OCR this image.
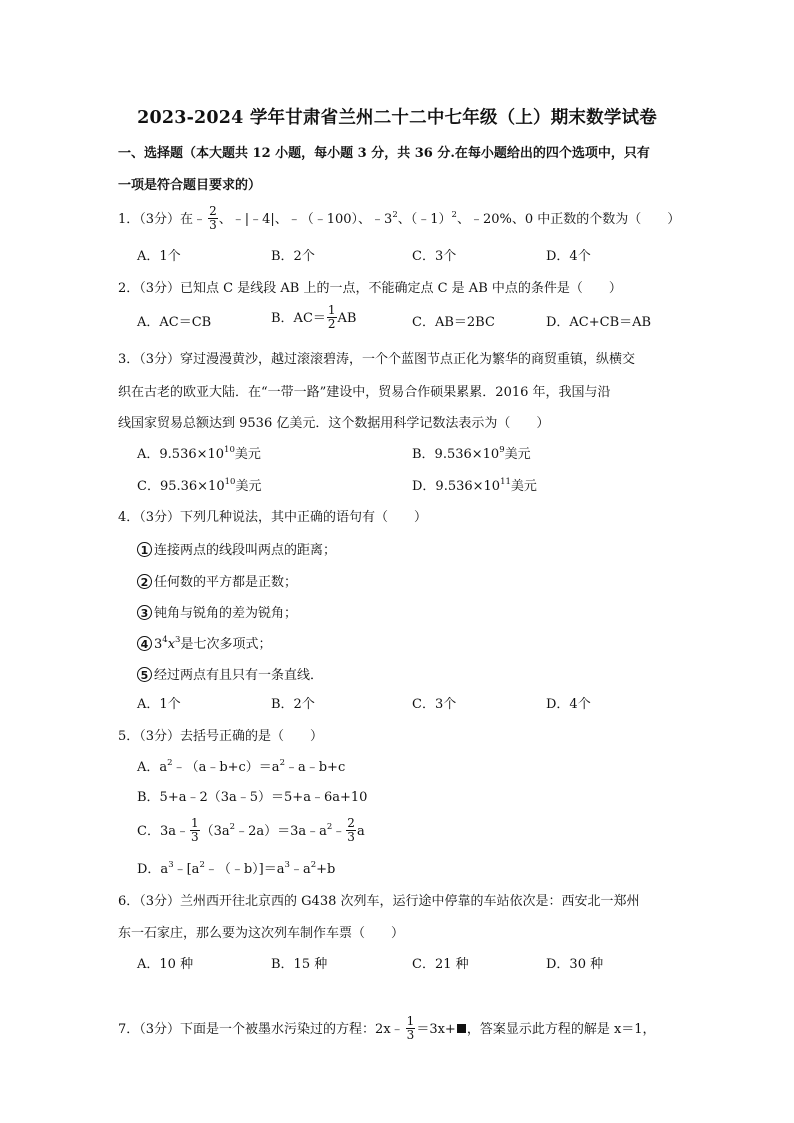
2023-2024 学年甘肃省兰州二十二中七年级（上）期末数学试卷
一、选择题（本大题共 12 小题，每小题 3 分，共 36 分.在每小题给出的四个选项中，只有
一项是符合题目要求的）
1．（3分）在﹣ $\frac{2}{3}$ 、﹣|﹣4|、﹣（﹣100）、$﹣3^2$、（﹣1）$^2$、﹣20%、0 中正数的个数为（　　）
A．1个	B．2个	C．3个	D．4个
2．（3分）已知点 C 是线段 AB 上的一点，不能确定点 C 是 AB 中点的条件是（　　）
A．AC＝CB	B．$AC= \frac{1}{2}$ AB	C．AB＝2BC	D．AC+CB＝AB
3．（3分）穿过漫漫黄沙，越过滚滚碧涛，一个个蓝图节点正化为繁华的商贸重镇，纵横交
织在古老的欧亚大陆．在“一带一路”建设中，贸易合作硕果累累．2016 年，我国与沿
线国家贸易总额达到 9536 亿美元．这个数据用科学记数法表示为（　　）
A．$9.536\times 10^{10}$美元	B．$9.536\times 10^9$美元
C．$95.36\times 10^{10}$美元	D．$9.536\times 10^{11}$美元
4．（3分）下列几种说法，其中正确的语句有（　　）
1 连接两点的线段叫两点的距离；
2 任何数的平方都是正数；
3 钝角与锐角的差为锐角；
4 $3^4x^3$是七次多项式；
5 经过两点有且只有一条直线．
A．1个	B．2个	C．3个	D．4个
5．（3分）去括号正确的是（　　）
A．$a^2﹣(a﹣b+c)=a^2﹣a﹣b+c$
B．5+a﹣2（3a﹣5）＝5+a﹣6a+10
C．3a﹣ $\frac{1}{3}$ $(3a^2﹣2a)=3a﹣a^2﹣ \frac{2}{3}$ a
D．$a^3﹣[a^2﹣(﹣b)]=a^3﹣a^2+b$
6．（3分）兰州西开往北京西的 G438 次列车，运行途中停靠的车站依次是：西安北一郑州
东一石家庄，那么要为这次列车制作车票（　　）
A．10 种	B．15 种	C．21 种	D．30 种
7．（3分）下面是一个被墨水污染过的方程：2x﹣ $\frac{1}{3} =3x+$ ，答案显示此方程的解是 x＝1，
